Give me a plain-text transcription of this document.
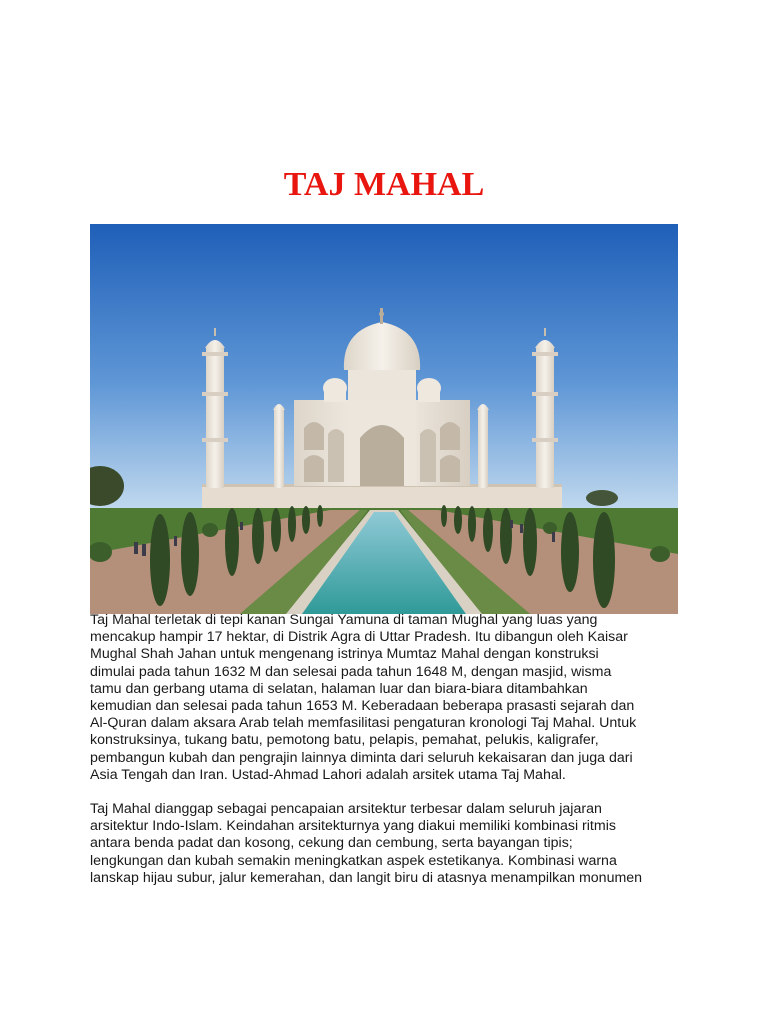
TAJ MAHAL

Taj Mahal terletak di tepi kanan Sungai Yamuna di taman Mughal yang luas yang
mencakup hampir 17 hektar, di Distrik Agra di Uttar Pradesh. Itu dibangun oleh Kaisar
Mughal Shah Jahan untuk mengenang istrinya Mumtaz Mahal dengan konstruksi
dimulai pada tahun 1632 M dan selesai pada tahun 1648 M, dengan masjid, wisma
tamu dan gerbang utama di selatan, halaman luar dan biara-biara ditambahkan
kemudian dan selesai pada tahun 1653 M. Keberadaan beberapa prasasti sejarah dan
Al-Quran dalam aksara Arab telah memfasilitasi pengaturan kronologi Taj Mahal. Untuk
konstruksinya, tukang batu, pemotong batu, pelapis, pemahat, pelukis, kaligrafer,
pembangun kubah dan pengrajin lainnya diminta dari seluruh kekaisaran dan juga dari
Asia Tengah dan Iran. Ustad-Ahmad Lahori adalah arsitek utama Taj Mahal.

Taj Mahal dianggap sebagai pencapaian arsitektur terbesar dalam seluruh jajaran
arsitektur Indo-Islam. Keindahan arsitekturnya yang diakui memiliki kombinasi ritmis
antara benda padat dan kosong, cekung dan cembung, serta bayangan tipis;
lengkungan dan kubah semakin meningkatkan aspek estetikanya. Kombinasi warna
lanskap hijau subur, jalur kemerahan, dan langit biru di atasnya menampilkan monumen
